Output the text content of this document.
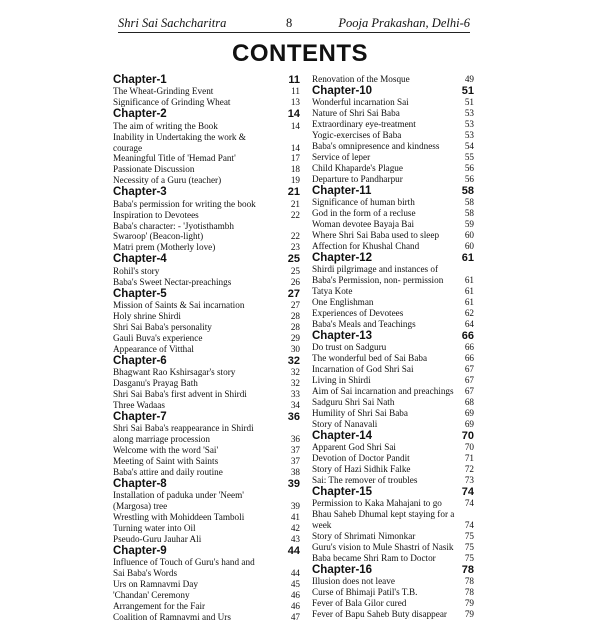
Shri Sai Sachcharitra	8	Pooja Prakashan, Delhi-6
CONTENTS
Chapter-1	11
The Wheat-Grinding Event	11
Significance of Grinding Wheat	13
Chapter-2	14
The aim of writing the Book	14
Inability in Undertaking the work &
courage	14
Meaningful Title of 'Hemad Pant'	17
Passionate Discussion	18
Necessity of a Guru (teacher)	19
Chapter-3	21
Baba's permission for writing the book	21
Inspiration to Devotees	22
Baba's character: - 'Jyotisthambh
Swaroop' (Beacon-light)	22
Matri prem (Motherly love)	23
Chapter-4	25
Rohil's story	25
Baba's Sweet Nectar-preachings	26
Chapter-5	27
Mission of Saints & Sai incarnation	27
Holy shrine Shirdi	28
Shri Sai Baba's personality	28
Gauli Buva's experience	29
Appearance of Vitthal	30
Chapter-6	32
Bhagwant Rao Kshirsagar's story	32
Dasganu's Prayag Bath	32
Shri Sai Baba's first advent in Shirdi	33
Three Wadaas	34
Chapter-7	36
Shri Sai Baba's reappearance in Shirdi
along marriage procession	36
Welcome with the word 'Sai'	37
Meeting of Saint with Saints	37
Baba's attire and daily routine	38
Chapter-8	39
Installation of paduka under 'Neem'
(Margosa) tree	39
Wrestling with Mohiddeen Tamboli	41
Turning water into Oil	42
Pseudo-Guru Jauhar Ali	43
Chapter-9	44
Influence of Touch of Guru's hand and
Sai Baba's Words	44
Urs on Ramnavmi Day	45
'Chandan' Ceremony	46
Arrangement for the Fair	46
Coalition of Ramnavmi and Urs	47
Renovation of the Mosque	49
Chapter-10	51
Wonderful incarnation Sai	51
Nature of Shri Sai Baba	53
Extraordinary eye-treatment	53
Yogic-exercises of Baba	53
Baba's omnipresence and kindness	54
Service of leper	55
Child Khaparde's Plague	56
Departure to Pandharpur	56
Chapter-11	58
Significance of human birth	58
God in the form of a recluse	58
Woman devotee Bayaja Bai	59
Where Shri Sai Baba used to sleep	60
Affection for Khushal Chand	60
Chapter-12	61
Shirdi pilgrimage and instances of
Baba's Permission, non- permission	61
Tatya Kote	61
One Englishman	61
Experiences of Devotees	62
Baba's Meals and Teachings	64
Chapter-13	66
Do trust on Sadguru	66
The wonderful bed of Sai Baba	66
Incarnation of God Shri Sai	67
Living in Shirdi	67
Aim of Sai incarnation and preachings	67
Sadguru Shri Sai Nath	68
Humility of Shri Sai Baba	69
Story of Nanavali	69
Chapter-14	70
Apparent God Shri Sai	70
Devotion of Doctor Pandit	71
Story of Hazi Sidhik Falke	72
Sai: The remover of troubles	73
Chapter-15	74
Permission to Kaka Mahajani to go	74
Bhau Saheb Dhumal kept staying for a
week	74
Story of Shrimati Nimonkar	75
Guru's vision to Mule Shastri of Nasik	75
Baba became Shri Ram to Doctor	75
Chapter-16	78
Illusion does not leave	78
Curse of Bhimaji Patil's T.B.	78
Fever of Bala Gilor cured	79
Fever of Bapu Saheb Buty disappear	79
